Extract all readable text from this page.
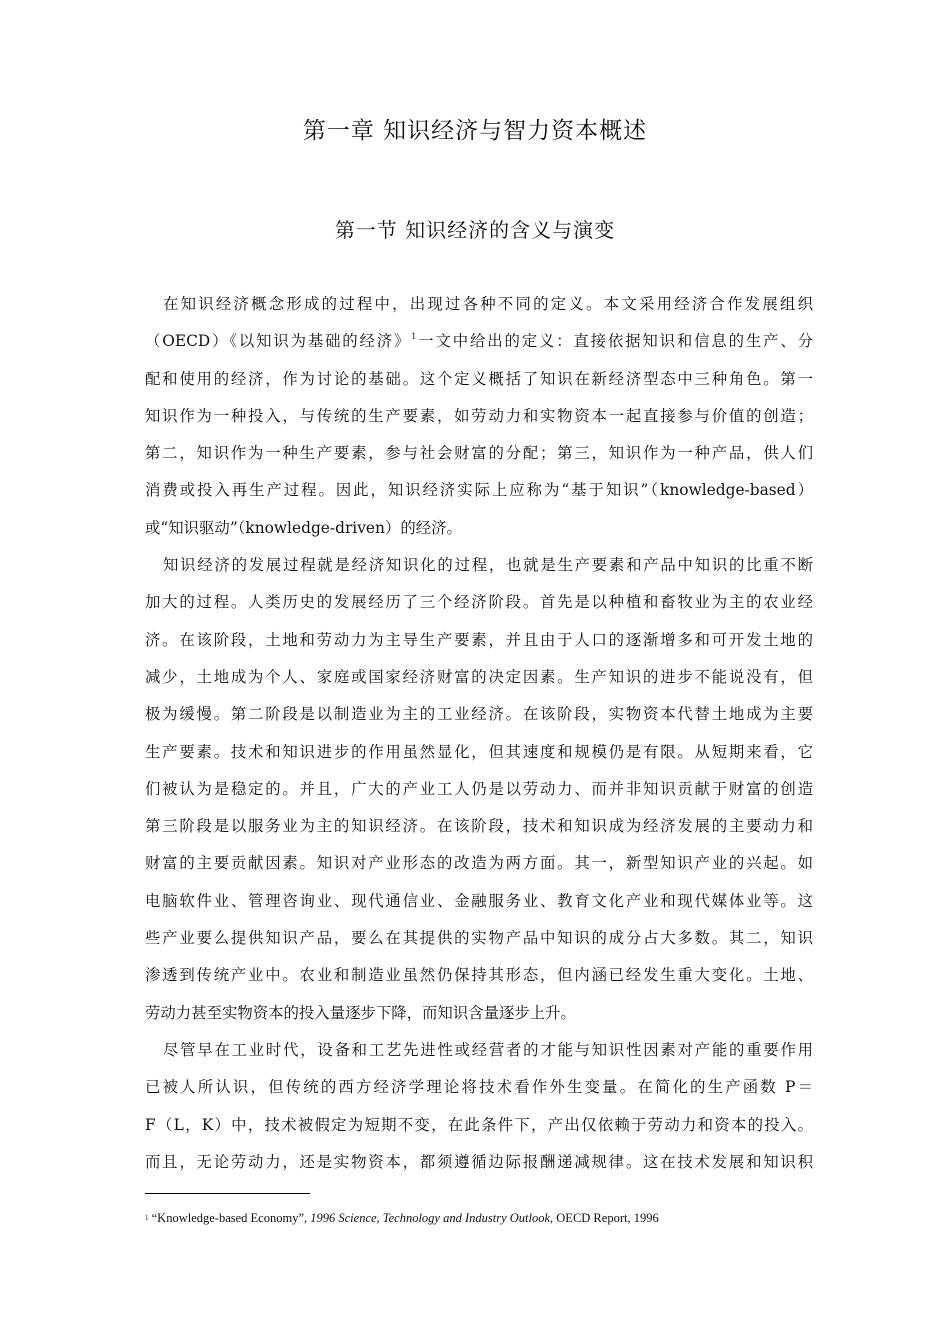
第一章 知识经济与智力资本概述
第一节 知识经济的含义与演变
在知识经济概念形成的过程中，出现过各种不同的定义。本文采用经济合作发展组织
（OECD）《以知识为基础的经济》$^1$一文中给出的定义：直接依据知识和信息的生产、分
配和使用的经济，作为讨论的基础。这个定义概括了知识在新经济型态中三种角色。第一
知识作为一种投入，与传统的生产要素，如劳动力和实物资本一起直接参与价值的创造；
第二，知识作为一种生产要素，参与社会财富的分配；第三，知识作为一种产品，供人们
消费或投入再生产过程。因此，知识经济实际上应称为“基于知识”（knowledge-based）
或“知识驱动”（knowledge-driven）的经济。
知识经济的发展过程就是经济知识化的过程，也就是生产要素和产品中知识的比重不断
加大的过程。人类历史的发展经历了三个经济阶段。首先是以种植和畜牧业为主的农业经
济。在该阶段，土地和劳动力为主导生产要素，并且由于人口的逐渐增多和可开发土地的
减少，土地成为个人、家庭或国家经济财富的决定因素。生产知识的进步不能说没有，但
极为缓慢。第二阶段是以制造业为主的工业经济。在该阶段，实物资本代替土地成为主要
生产要素。技术和知识进步的作用虽然显化，但其速度和规模仍是有限。从短期来看，它
们被认为是稳定的。并且，广大的产业工人仍是以劳动力、而并非知识贡献于财富的创造
第三阶段是以服务业为主的知识经济。在该阶段，技术和知识成为经济发展的主要动力和
财富的主要贡献因素。知识对产业形态的改造为两方面。其一，新型知识产业的兴起。如
电脑软件业、管理咨询业、现代通信业、金融服务业、教育文化产业和现代媒体业等。这
些产业要么提供知识产品，要么在其提供的实物产品中知识的成分占大多数。其二，知识
渗透到传统产业中。农业和制造业虽然仍保持其形态，但内涵已经发生重大变化。土地、
劳动力甚至实物资本的投入量逐步下降，而知识含量逐步上升。
尽管早在工业时代，设备和工艺先进性或经营者的才能与知识性因素对产能的重要作用
已被人所认识，但传统的西方经济学理论将技术看作外生变量。在简化的生产函数 P＝
F（L，K）中，技术被假定为短期不变，在此条件下，产出仅依赖于劳动力和资本的投入。
而且，无论劳动力，还是实物资本，都须遵循边际报酬递减规律。这在技术发展和知识积
$^1$ “Knowledge-based Economy”, 1996 Science, Technology and Industry Outlook, OECD Report, 1996
